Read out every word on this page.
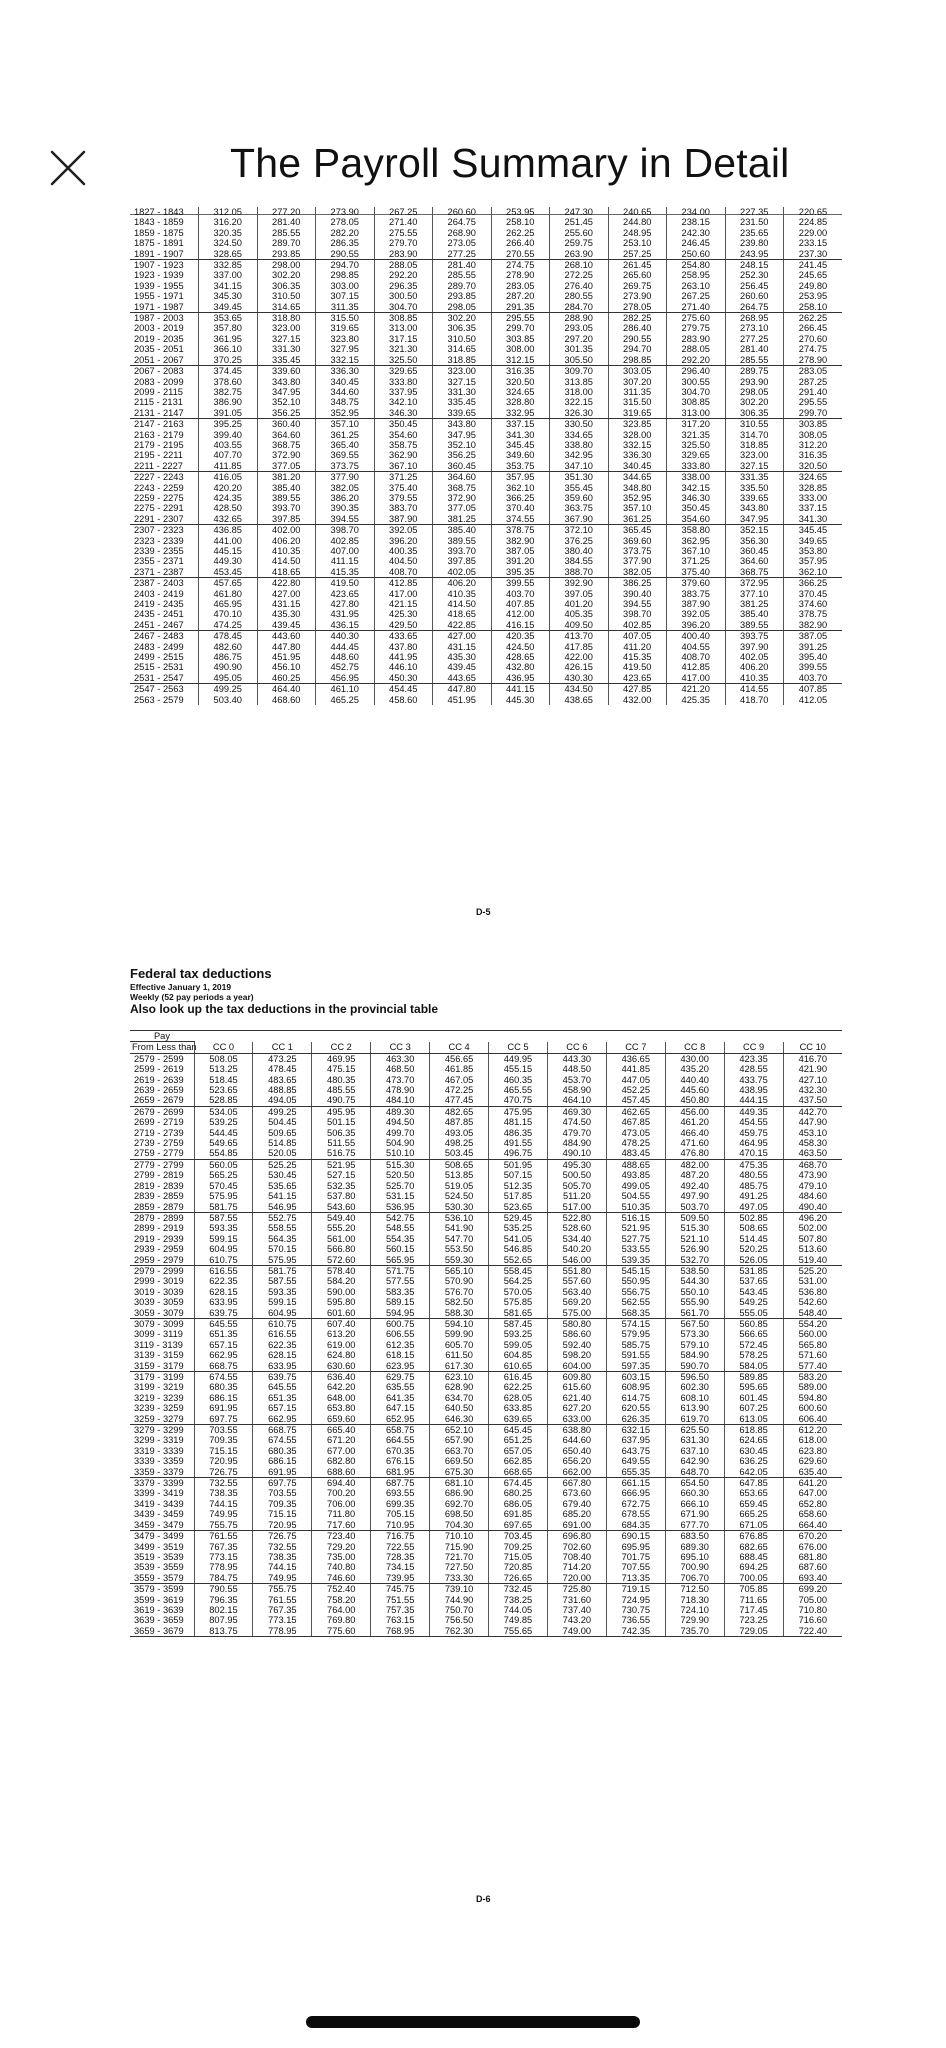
The Payroll Summary in Detail
1827 - 1843	312.05	277.20	273.90	267.25	260.60	253.95	247.30	240.65	234.00	227.35	220.65
1843 - 1859	316.20	281.40	278.05	271.40	264.75	258.10	251.45	244.80	238.15	231.50	224.85
1859 - 1875	320.35	285.55	282.20	275.55	268.90	262.25	255.60	248.95	242.30	235.65	229.00
1875 - 1891	324.50	289.70	286.35	279.70	273.05	266.40	259.75	253.10	246.45	239.80	233.15
1891 - 1907	328.65	293.85	290.55	283.90	277.25	270.55	263.90	257.25	250.60	243.95	237.30
1907 - 1923	332.85	298.00	294.70	288.05	281.40	274.75	268.10	261.45	254.80	248.15	241.45
1923 - 1939	337.00	302.20	298.85	292.20	285.55	278.90	272.25	265.60	258.95	252.30	245.65
1939 - 1955	341.15	306.35	303.00	296.35	289.70	283.05	276.40	269.75	263.10	256.45	249.80
1955 - 1971	345.30	310.50	307.15	300.50	293.85	287.20	280.55	273.90	267.25	260.60	253.95
1971 - 1987	349.45	314.65	311.35	304.70	298.05	291.35	284.70	278.05	271.40	264.75	258.10
1987 - 2003	353.65	318.80	315.50	308.85	302.20	295.55	288.90	282.25	275.60	268.95	262.25
2003 - 2019	357.80	323.00	319.65	313.00	306.35	299.70	293.05	286.40	279.75	273.10	266.45
2019 - 2035	361.95	327.15	323.80	317.15	310.50	303.85	297.20	290.55	283.90	277.25	270.60
2035 - 2051	366.10	331.30	327.95	321.30	314.65	308.00	301.35	294.70	288.05	281.40	274.75
2051 - 2067	370.25	335.45	332.15	325.50	318.85	312.15	305.50	298.85	292.20	285.55	278.90
2067 - 2083	374.45	339.60	336.30	329.65	323.00	316.35	309.70	303.05	296.40	289.75	283.05
2083 - 2099	378.60	343.80	340.45	333.80	327.15	320.50	313.85	307.20	300.55	293.90	287.25
2099 - 2115	382.75	347.95	344.60	337.95	331.30	324.65	318.00	311.35	304.70	298.05	291.40
2115 - 2131	386.90	352.10	348.75	342.10	335.45	328.80	322.15	315.50	308.85	302.20	295.55
2131 - 2147	391.05	356.25	352.95	346.30	339.65	332.95	326.30	319.65	313.00	306.35	299.70
2147 - 2163	395.25	360.40	357.10	350.45	343.80	337.15	330.50	323.85	317.20	310.55	303.85
2163 - 2179	399.40	364.60	361.25	354.60	347.95	341.30	334.65	328.00	321.35	314.70	308.05
2179 - 2195	403.55	368.75	365.40	358.75	352.10	345.45	338.80	332.15	325.50	318.85	312.20
2195 - 2211	407.70	372.90	369.55	362.90	356.25	349.60	342.95	336.30	329.65	323.00	316.35
2211 - 2227	411.85	377.05	373.75	367.10	360.45	353.75	347.10	340.45	333.80	327.15	320.50
2227 - 2243	416.05	381.20	377.90	371.25	364.60	357.95	351.30	344.65	338.00	331.35	324.65
2243 - 2259	420.20	385.40	382.05	375.40	368.75	362.10	355.45	348.80	342.15	335.50	328.85
2259 - 2275	424.35	389.55	386.20	379.55	372.90	366.25	359.60	352.95	346.30	339.65	333.00
2275 - 2291	428.50	393.70	390.35	383.70	377.05	370.40	363.75	357.10	350.45	343.80	337.15
2291 - 2307	432.65	397.85	394.55	387.90	381.25	374.55	367.90	361.25	354.60	347.95	341.30
2307 - 2323	436.85	402.00	398.70	392.05	385.40	378.75	372.10	365.45	358.80	352.15	345.45
2323 - 2339	441.00	406.20	402.85	396.20	389.55	382.90	376.25	369.60	362.95	356.30	349.65
2339 - 2355	445.15	410.35	407.00	400.35	393.70	387.05	380.40	373.75	367.10	360.45	353.80
2355 - 2371	449.30	414.50	411.15	404.50	397.85	391.20	384.55	377.90	371.25	364.60	357.95
2371 - 2387	453.45	418.65	415.35	408.70	402.05	395.35	388.70	382.05	375.40	368.75	362.10
2387 - 2403	457.65	422.80	419.50	412.85	406.20	399.55	392.90	386.25	379.60	372.95	366.25
2403 - 2419	461.80	427.00	423.65	417.00	410.35	403.70	397.05	390.40	383.75	377.10	370.45
2419 - 2435	465.95	431.15	427.80	421.15	414.50	407.85	401.20	394.55	387.90	381.25	374.60
2435 - 2451	470.10	435.30	431.95	425.30	418.65	412.00	405.35	398.70	392.05	385.40	378.75
2451 - 2467	474.25	439.45	436.15	429.50	422.85	416.15	409.50	402.85	396.20	389.55	382.90
2467 - 2483	478.45	443.60	440.30	433.65	427.00	420.35	413.70	407.05	400.40	393.75	387.05
2483 - 2499	482.60	447.80	444.45	437.80	431.15	424.50	417.85	411.20	404.55	397.90	391.25
2499 - 2515	486.75	451.95	448.60	441.95	435.30	428.65	422.00	415.35	408.70	402.05	395.40
2515 - 2531	490.90	456.10	452.75	446.10	439.45	432.80	426.15	419.50	412.85	406.20	399.55
2531 - 2547	495.05	460.25	456.95	450.30	443.65	436.95	430.30	423.65	417.00	410.35	403.70
2547 - 2563	499.25	464.40	461.10	454.45	447.80	441.15	434.50	427.85	421.20	414.55	407.85
2563 - 2579	503.40	468.60	465.25	458.60	451.95	445.30	438.65	432.00	425.35	418.70	412.05
D-5
Federal tax deductions
Effective January 1, 2019
Weekly (52 pay periods a year)
Also look up the tax deductions in the provincial table
Pay											
From Less than	CC 0	CC 1	CC 2	CC 3	CC 4	CC 5	CC 6	CC 7	CC 8	CC 9	CC 10
2579 - 2599	508.05	473.25	469.95	463.30	456.65	449.95	443.30	436.65	430.00	423.35	416.70
2599 - 2619	513.25	478.45	475.15	468.50	461.85	455.15	448.50	441.85	435.20	428.55	421.90
2619 - 2639	518.45	483.65	480.35	473.70	467.05	460.35	453.70	447.05	440.40	433.75	427.10
2639 - 2659	523.65	488.85	485.55	478.90	472.25	465.55	458.90	452.25	445.60	438.95	432.30
2659 - 2679	528.85	494.05	490.75	484.10	477.45	470.75	464.10	457.45	450.80	444.15	437.50
2679 - 2699	534.05	499.25	495.95	489.30	482.65	475.95	469.30	462.65	456.00	449.35	442.70
2699 - 2719	539.25	504.45	501.15	494.50	487.85	481.15	474.50	467.85	461.20	454.55	447.90
2719 - 2739	544.45	509.65	506.35	499.70	493.05	486.35	479.70	473.05	466.40	459.75	453.10
2739 - 2759	549.65	514.85	511.55	504.90	498.25	491.55	484.90	478.25	471.60	464.95	458.30
2759 - 2779	554.85	520.05	516.75	510.10	503.45	496.75	490.10	483.45	476.80	470.15	463.50
2779 - 2799	560.05	525.25	521.95	515.30	508.65	501.95	495.30	488.65	482.00	475.35	468.70
2799 - 2819	565.25	530.45	527.15	520.50	513.85	507.15	500.50	493.85	487.20	480.55	473.90
2819 - 2839	570.45	535.65	532.35	525.70	519.05	512.35	505.70	499.05	492.40	485.75	479.10
2839 - 2859	575.95	541.15	537.80	531.15	524.50	517.85	511.20	504.55	497.90	491.25	484.60
2859 - 2879	581.75	546.95	543.60	536.95	530.30	523.65	517.00	510.35	503.70	497.05	490.40
2879 - 2899	587.55	552.75	549.40	542.75	536.10	529.45	522.80	516.15	509.50	502.85	496.20
2899 - 2919	593.35	558.55	555.20	548.55	541.90	535.25	528.60	521.95	515.30	508.65	502.00
2919 - 2939	599.15	564.35	561.00	554.35	547.70	541.05	534.40	527.75	521.10	514.45	507.80
2939 - 2959	604.95	570.15	566.80	560.15	553.50	546.85	540.20	533.55	526.90	520.25	513.60
2959 - 2979	610.75	575.95	572.60	565.95	559.30	552.65	546.00	539.35	532.70	526.05	519.40
2979 - 2999	616.55	581.75	578.40	571.75	565.10	558.45	551.80	545.15	538.50	531.85	525.20
2999 - 3019	622.35	587.55	584.20	577.55	570.90	564.25	557.60	550.95	544.30	537.65	531.00
3019 - 3039	628.15	593.35	590.00	583.35	576.70	570.05	563.40	556.75	550.10	543.45	536.80
3039 - 3059	633.95	599.15	595.80	589.15	582.50	575.85	569.20	562.55	555.90	549.25	542.60
3059 - 3079	639.75	604.95	601.60	594.95	588.30	581.65	575.00	568.35	561.70	555.05	548.40
3079 - 3099	645.55	610.75	607.40	600.75	594.10	587.45	580.80	574.15	567.50	560.85	554.20
3099 - 3119	651.35	616.55	613.20	606.55	599.90	593.25	586.60	579.95	573.30	566.65	560.00
3119 - 3139	657.15	622.35	619.00	612.35	605.70	599.05	592.40	585.75	579.10	572.45	565.80
3139 - 3159	662.95	628.15	624.80	618.15	611.50	604.85	598.20	591.55	584.90	578.25	571.60
3159 - 3179	668.75	633.95	630.60	623.95	617.30	610.65	604.00	597.35	590.70	584.05	577.40
3179 - 3199	674.55	639.75	636.40	629.75	623.10	616.45	609.80	603.15	596.50	589.85	583.20
3199 - 3219	680.35	645.55	642.20	635.55	628.90	622.25	615.60	608.95	602.30	595.65	589.00
3219 - 3239	686.15	651.35	648.00	641.35	634.70	628.05	621.40	614.75	608.10	601.45	594.80
3239 - 3259	691.95	657.15	653.80	647.15	640.50	633.85	627.20	620.55	613.90	607.25	600.60
3259 - 3279	697.75	662.95	659.60	652.95	646.30	639.65	633.00	626.35	619.70	613.05	606.40
3279 - 3299	703.55	668.75	665.40	658.75	652.10	645.45	638.80	632.15	625.50	618.85	612.20
3299 - 3319	709.35	674.55	671.20	664.55	657.90	651.25	644.60	637.95	631.30	624.65	618.00
3319 - 3339	715.15	680.35	677.00	670.35	663.70	657.05	650.40	643.75	637.10	630.45	623.80
3339 - 3359	720.95	686.15	682.80	676.15	669.50	662.85	656.20	649.55	642.90	636.25	629.60
3359 - 3379	726.75	691.95	688.60	681.95	675.30	668.65	662.00	655.35	648.70	642.05	635.40
3379 - 3399	732.55	697.75	694.40	687.75	681.10	674.45	667.80	661.15	654.50	647.85	641.20
3399 - 3419	738.35	703.55	700.20	693.55	686.90	680.25	673.60	666.95	660.30	653.65	647.00
3419 - 3439	744.15	709.35	706.00	699.35	692.70	686.05	679.40	672.75	666.10	659.45	652.80
3439 - 3459	749.95	715.15	711.80	705.15	698.50	691.85	685.20	678.55	671.90	665.25	658.60
3459 - 3479	755.75	720.95	717.60	710.95	704.30	697.65	691.00	684.35	677.70	671.05	664.40
3479 - 3499	761.55	726.75	723.40	716.75	710.10	703.45	696.80	690.15	683.50	676.85	670.20
3499 - 3519	767.35	732.55	729.20	722.55	715.90	709.25	702.60	695.95	689.30	682.65	676.00
3519 - 3539	773.15	738.35	735.00	728.35	721.70	715.05	708.40	701.75	695.10	688.45	681.80
3539 - 3559	778.95	744.15	740.80	734.15	727.50	720.85	714.20	707.55	700.90	694.25	687.60
3559 - 3579	784.75	749.95	746.60	739.95	733.30	726.65	720.00	713.35	706.70	700.05	693.40
3579 - 3599	790.55	755.75	752.40	745.75	739.10	732.45	725.80	719.15	712.50	705.85	699.20
3599 - 3619	796.35	761.55	758.20	751.55	744.90	738.25	731.60	724.95	718.30	711.65	705.00
3619 - 3639	802.15	767.35	764.00	757.35	750.70	744.05	737.40	730.75	724.10	717.45	710.80
3639 - 3659	807.95	773.15	769.80	763.15	756.50	749.85	743.20	736.55	729.90	723.25	716.60
3659 - 3679	813.75	778.95	775.60	768.95	762.30	755.65	749.00	742.35	735.70	729.05	722.40
D-6
